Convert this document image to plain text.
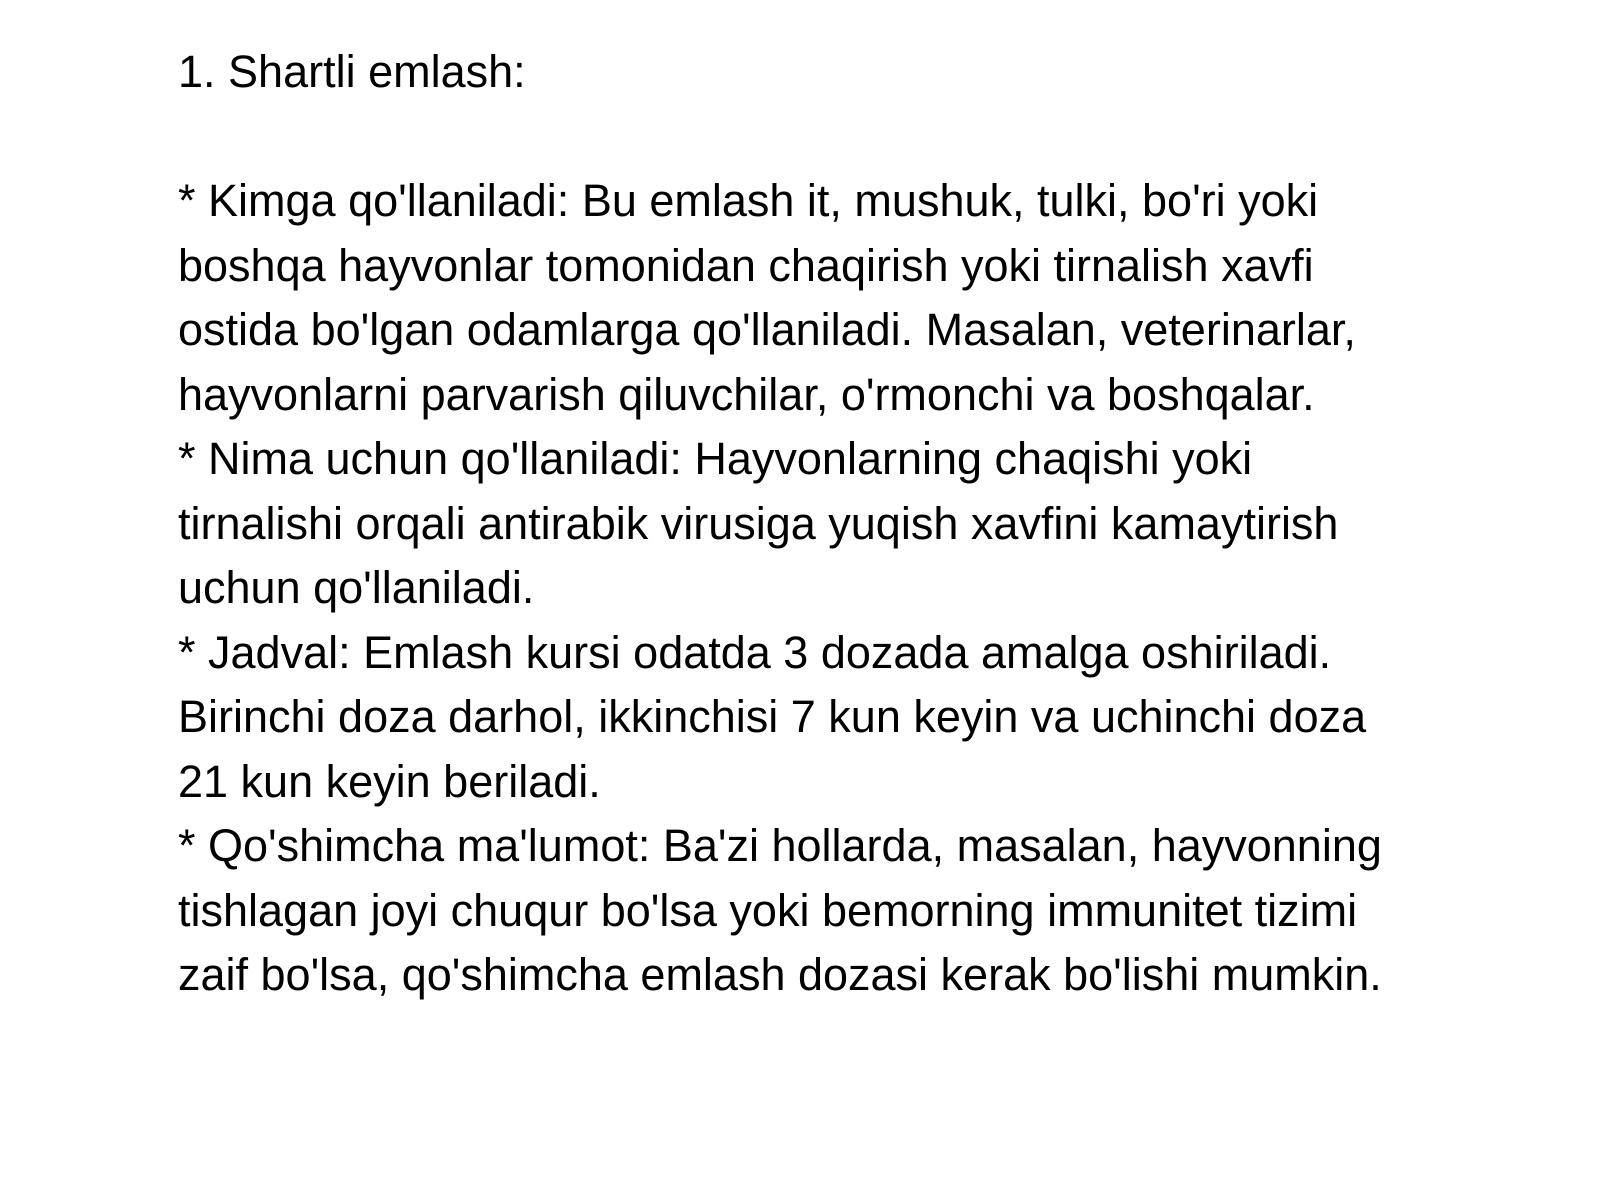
1. Shartli emlash:

* Kimga qo'llaniladi: Bu emlash it, mushuk, tulki, bo'ri yoki boshqa hayvonlar tomonidan chaqirish yoki tirnalish xavfi ostida bo'lgan odamlarga qo'llaniladi. Masalan, veterinarlar, hayvonlarni parvarish qiluvchilar, o'rmonchi va boshqalar.

* Nima uchun qo'llaniladi: Hayvonlarning chaqishi yoki tirnalishi orqali antirabik virusiga yuqish xavfini kamaytirish uchun qo'llaniladi.

* Jadval: Emlash kursi odatda 3 dozada amalga oshiriladi. Birinchi doza darhol, ikkinchisi 7 kun keyin va uchinchi doza 21 kun keyin beriladi.

* Qo'shimcha ma'lumot: Ba'zi hollarda, masalan, hayvonning tishlagan joyi chuqur bo'lsa yoki bemorning immunitet tizimi zaif bo'lsa, qo'shimcha emlash dozasi kerak bo'lishi mumkin.
